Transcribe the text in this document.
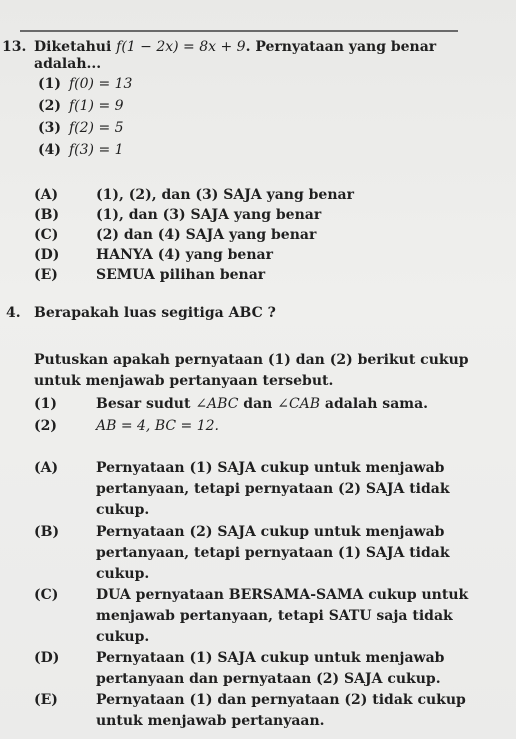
13. Diketahui f(1 − 2x) = 8x + 9. Pernyataan yang benar
adalah...
(1) f(0) = 13
(2) f(1) = 9
(3) f(2) = 5
(4) f(3) = 1
(A)	(1), (2), dan (3) SAJA yang benar
(B)	(1), dan (3) SAJA yang benar
(C)	(2) dan (4) SAJA yang benar
(D)	HANYA (4) yang benar
(E)	SEMUA pilihan benar
4. Berapakah luas segitiga ABC ?
Putuskan apakah pernyataan (1) dan (2) berikut cukup
untuk menjawab pertanyaan tersebut.
(1)	Besar sudut ∠ABC dan ∠CAB adalah sama.
(2)	AB = 4, BC = 12.
(A)	Pernyataan (1) SAJA cukup untuk menjawab
pertanyaan, tetapi pernyataan (2) SAJA tidak
cukup.
(B)	Pernyataan (2) SAJA cukup untuk menjawab
pertanyaan, tetapi pernyataan (1) SAJA tidak
cukup.
(C)	DUA pernyataan BERSAMA-SAMA cukup untuk
menjawab pertanyaan, tetapi SATU saja tidak
cukup.
(D)	Pernyataan (1) SAJA cukup untuk menjawab
pertanyaan dan pernyataan (2) SAJA cukup.
(E)	Pernyataan (1) dan pernyataan (2) tidak cukup
untuk menjawab pertanyaan.
